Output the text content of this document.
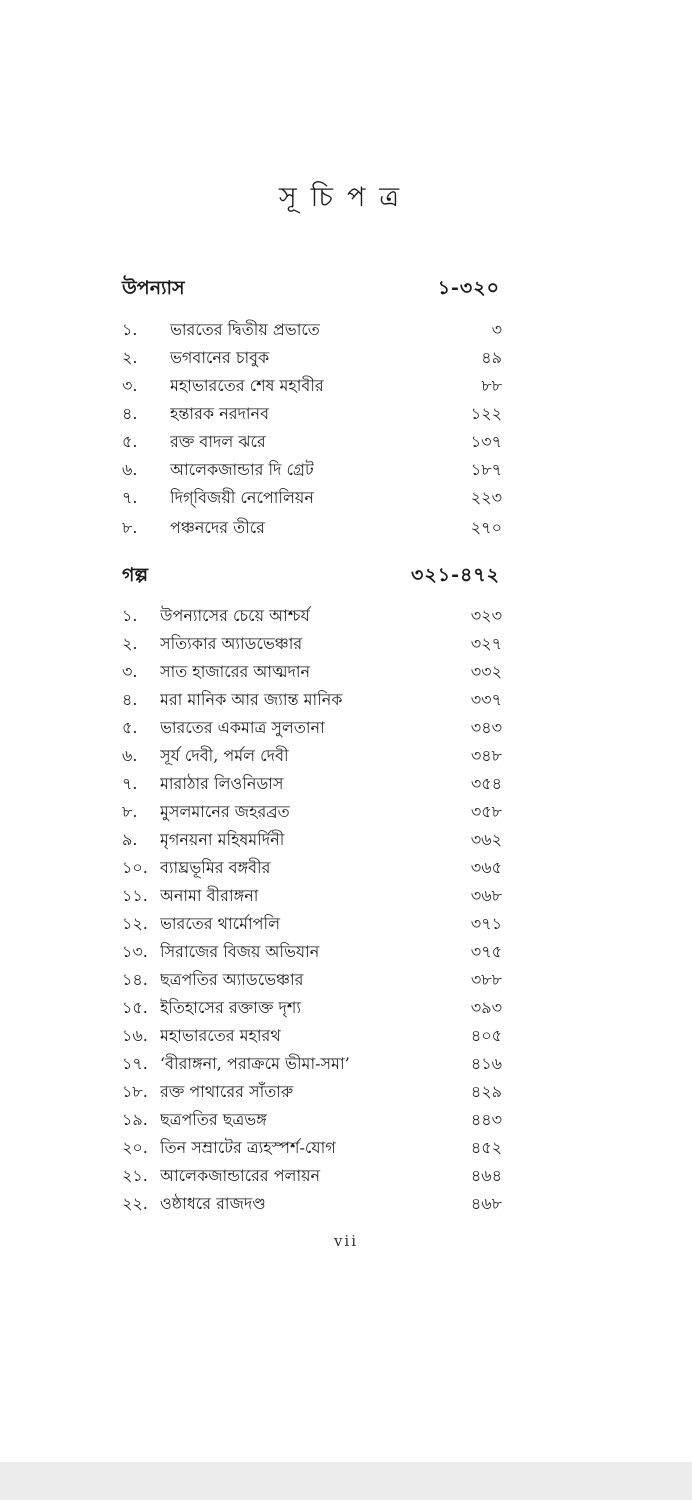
সূচিপত্র
উপন্যাস	১-৩২০
১.	ভারতের দ্বিতীয় প্রভাতে	৩
২.	ভগবানের চাবুক	৪৯
৩.	মহাভারতের শেষ মহাবীর	৮৮
৪.	হন্তারক নরদানব	১২২
৫.	রক্ত বাদল ঝরে	১৩৭
৬.	আলেকজান্ডার দি গ্রেট	১৮৭
৭.	দিগ্‌বিজয়ী নেপোলিয়ন	২২৩
৮.	পঞ্চনদের তীরে	২৭০
গল্প	৩২১-৪৭২
১.	উপন্যাসের চেয়ে আশ্চর্য	৩২৩
২.	সত্যিকার অ্যাডভেঞ্চার	৩২৭
৩.	সাত হাজারের আত্মদান	৩৩২
৪.	মরা মানিক আর জ্যান্ত মানিক	৩৩৭
৫.	ভারতের একমাত্র সুলতানা	৩৪৩
৬.	সূর্য দেবী, পর্মল দেবী	৩৪৮
৭.	মারাঠার লিওনিডাস	৩৫৪
৮.	মুসলমানের জহরব্রত	৩৫৮
৯.	মৃগনয়না মহিষমর্দিনী	৩৬২
১০. ব্যাঘ্রভূমির বঙ্গবীর	৩৬৫
১১. অনামা বীরাঙ্গনা	৩৬৮
১২. ভারতের থার্মোপলি	৩৭১
১৩. সিরাজের বিজয় অভিযান	৩৭৫
১৪. ছত্রপতির অ্যাডভেঞ্চার	৩৮৮
১৫. ইতিহাসের রক্তাক্ত দৃশ্য	৩৯৩
১৬. মহাভারতের মহারথ	৪০৫
১৭. ‘বীরাঙ্গনা, পরাক্রমে ভীমা-সমা’	৪১৬
১৮. রক্ত পাথারের সাঁতারু	৪২৯
১৯. ছত্রপতির ছত্রভঙ্গ	৪৪৩
২০. তিন সম্রাটের ত্র্যহস্পর্শ-যোগ	৪৫২
২১. আলেকজান্ডারের পলায়ন	৪৬৪
২২. ওষ্ঠাধরে রাজদণ্ড	৪৬৮
vii
